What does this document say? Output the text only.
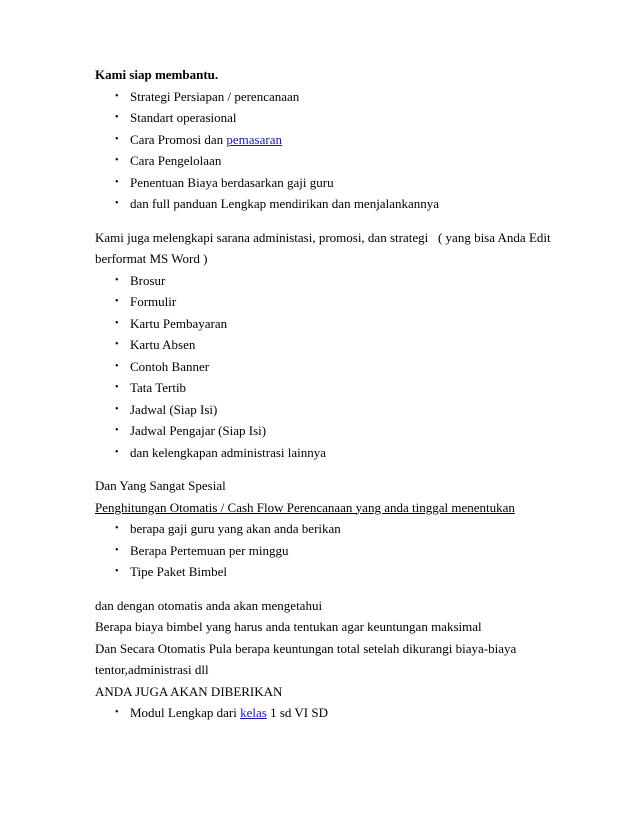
Kami siap membantu.
• Strategi Persiapan / perencanaan
• Standart operasional
• Cara Promosi dan pemasaran
• Cara Pengelolaan
• Penentuan Biaya berdasarkan gaji guru
• dan full panduan Lengkap mendirikan dan menjalankannya
Kami juga melengkapi sarana administasi, promosi, dan strategi   ( yang bisa Anda Edit
berformat MS Word )
• Brosur
• Formulir
• Kartu Pembayaran
• Kartu Absen
• Contoh Banner
• Tata Tertib
• Jadwal (Siap Isi)
• Jadwal Pengajar (Siap Isi)
• dan kelengkapan administrasi lainnya
Dan Yang Sangat Spesial
Penghitungan Otomatis / Cash Flow Perencanaan yang anda tinggal menentukan
• berapa gaji guru yang akan anda berikan
• Berapa Pertemuan per minggu
• Tipe Paket Bimbel
dan dengan otomatis anda akan mengetahui
Berapa biaya bimbel yang harus anda tentukan agar keuntungan maksimal
Dan Secara Otomatis Pula berapa keuntungan total setelah dikurangi biaya-biaya
tentor,administrasi dll
ANDA JUGA AKAN DIBERIKAN
• Modul Lengkap dari kelas 1 sd VI SD
